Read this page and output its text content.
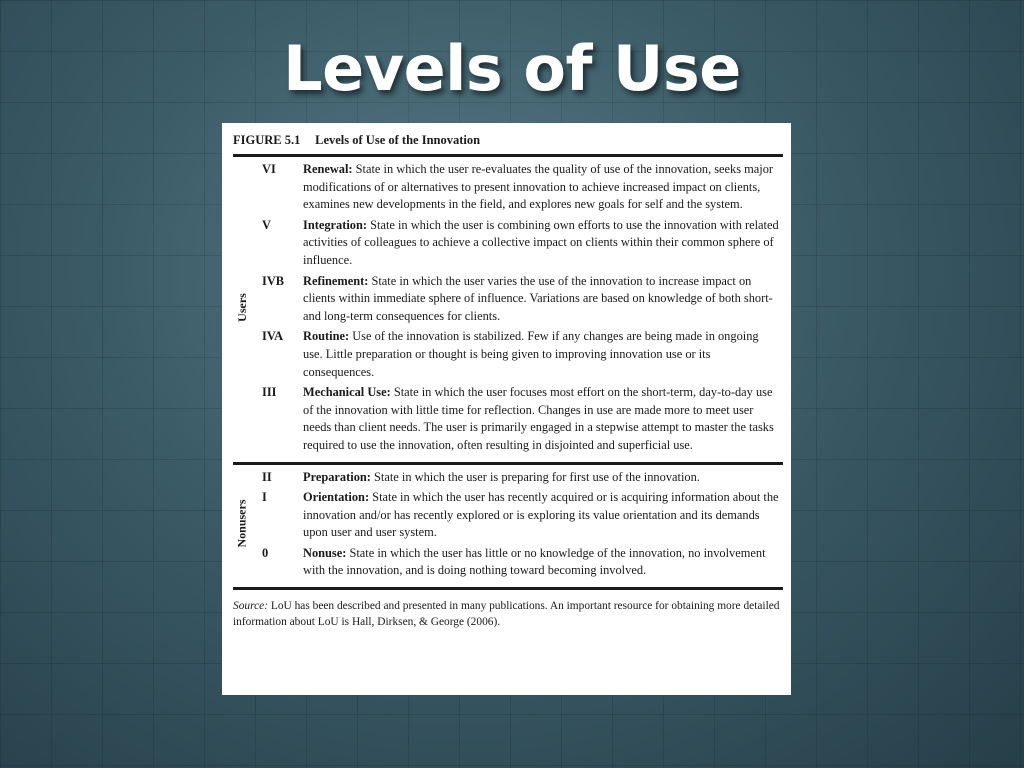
Levels of Use
FIGURE 5.1 Levels of Use of the Innovation
Users
VI	Renewal: State in which the user re-evaluates the quality of use of the innovation, seeks major modifications of or alternatives to present innovation to achieve increased impact on clients, examines new developments in the field, and explores new goals for self and the system.
V	Integration: State in which the user is combining own efforts to use the innovation with related activities of colleagues to achieve a collective impact on clients within their common sphere of influence.
IVB	Refinement: State in which the user varies the use of the innovation to increase impact on clients within immediate sphere of influence. Variations are based on knowledge of both short- and long-term consequences for clients.
IVA	Routine: Use of the innovation is stabilized. Few if any changes are being made in ongoing use. Little preparation or thought is being given to improving innovation use or its consequences.
III	Mechanical Use: State in which the user focuses most effort on the short-term, day-to-day use of the innovation with little time for reflection. Changes in use are made more to meet user needs than client needs. The user is primarily engaged in a stepwise attempt to master the tasks required to use the innovation, often resulting in disjointed and superficial use.
Nonusers
II	Preparation: State in which the user is preparing for first use of the innovation.
I	Orientation: State in which the user has recently acquired or is acquiring information about the innovation and/or has recently explored or is exploring its value orientation and its demands upon user and user system.
0	Nonuse: State in which the user has little or no knowledge of the innovation, no involvement with the innovation, and is doing nothing toward becoming involved.
Source: LoU has been described and presented in many publications. An important resource for obtaining more detailed information about LoU is Hall, Dirksen, & George (2006).
